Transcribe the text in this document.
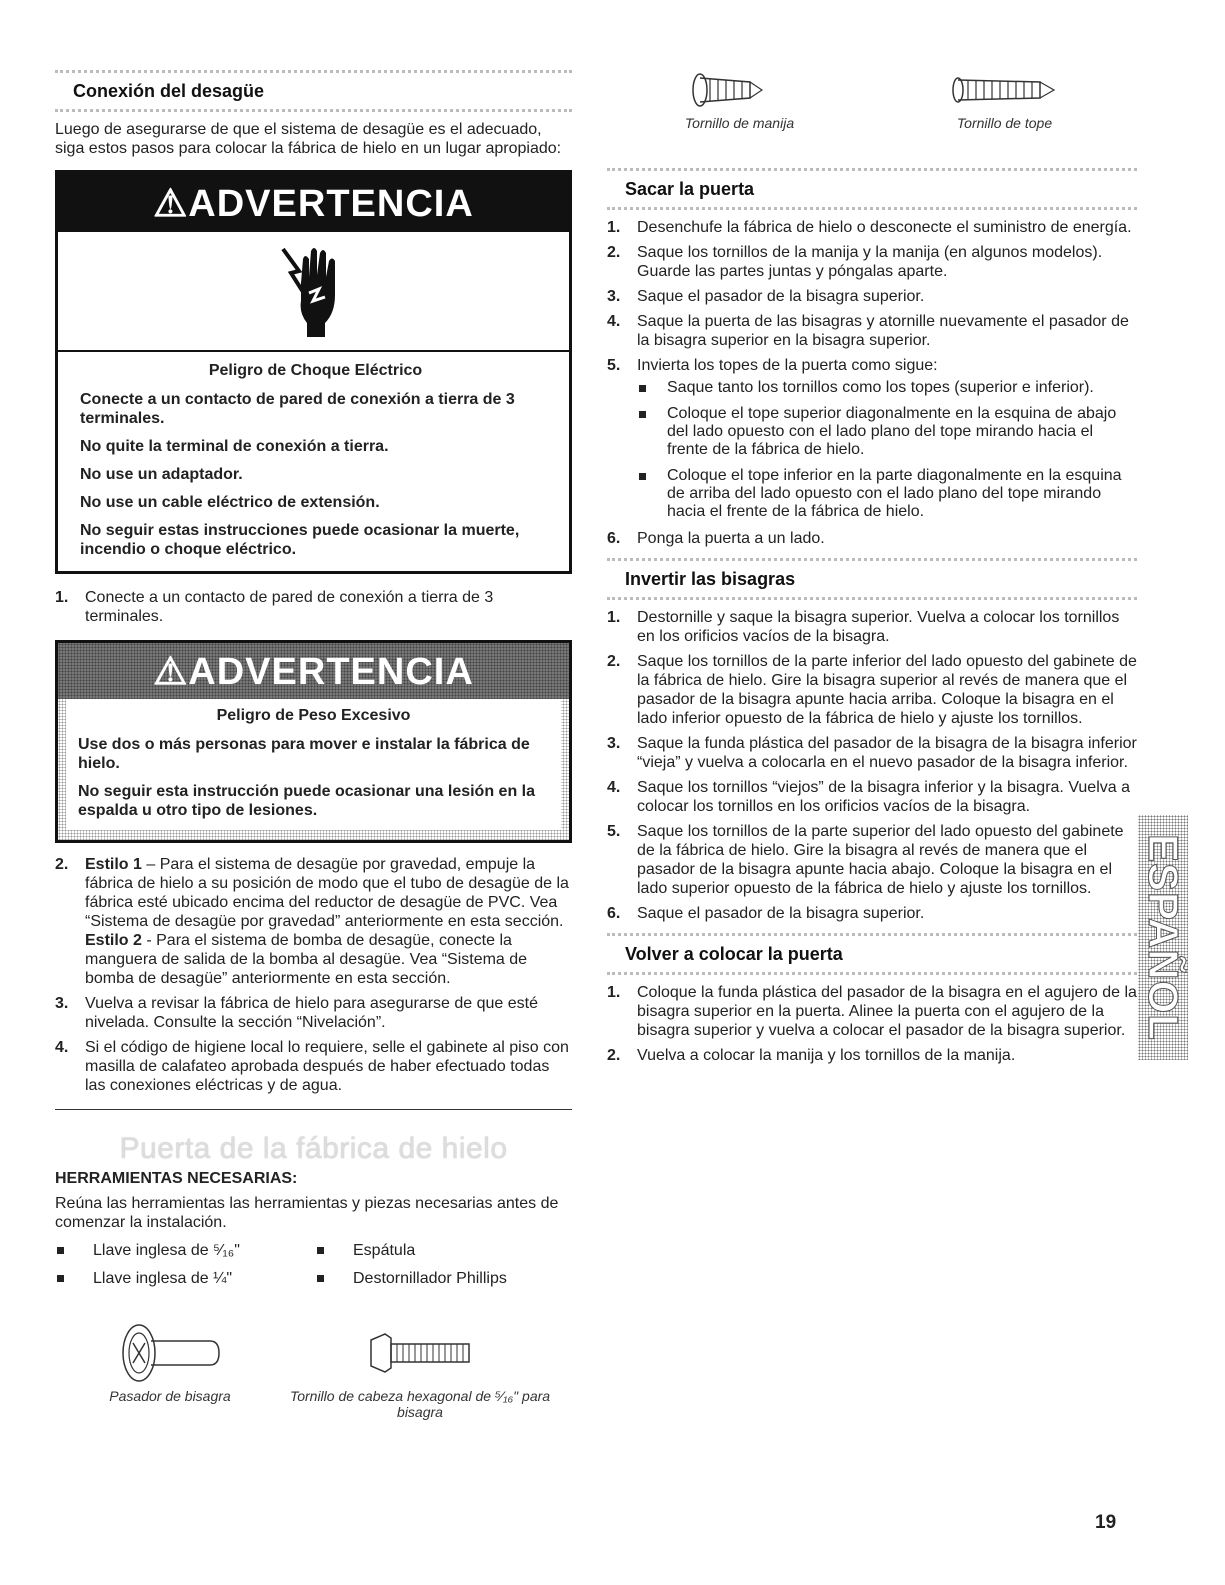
Conexión del desagüe

Luego de asegurarse de que el sistema de desagüe es el adecuado, siga estos pasos para colocar la fábrica de hielo en un lugar apropiado:

⚠ADVERTENCIA

Peligro de Choque Eléctrico

Conecte a un contacto de pared de conexión a tierra de 3 terminales.

No quite la terminal de conexión a tierra.

No use un adaptador.

No use un cable eléctrico de extensión.

No seguir estas instrucciones puede ocasionar la muerte, incendio o choque eléctrico.

1. Conecte a un contacto de pared de conexión a tierra de 3 terminales.
⚠ADVERTENCIA

Peligro de Peso Excesivo

Use dos o más personas para mover e instalar la fábrica de hielo.

No seguir esta instrucción puede ocasionar una lesión en la espalda u otro tipo de lesiones.

2. Estilo 1 – Para el sistema de desagüe por gravedad, empuje la fábrica de hielo a su posición de modo que el tubo de desagüe de la fábrica esté ubicado encima del reductor de desagüe de PVC. Vea “Sistema de desagüe por gravedad” anteriormente en esta sección. Estilo 2 - Para el sistema de bomba de desagüe, conecte la manguera de salida de la bomba al desagüe. Vea “Sistema de bomba de desagüe” anteriormente en esta sección.
3. Vuelva a revisar la fábrica de hielo para asegurarse de que esté nivelada. Consulte la sección “Nivelación”.
4. Si el código de higiene local lo requiere, selle el gabinete al piso con masilla de calafateo aprobada después de haber efectuado todas las conexiones eléctricas y de agua.
Puerta de la fábrica de hielo

HERRAMIENTAS NECESARIAS:

Reúna las herramientas las herramientas y piezas necesarias antes de comenzar la instalación.

Llave inglesa de ⁵⁄₁₆"	Espátula
Llave inglesa de ¼"	Destornillador Phillips
Pasador de bisagra	Tornillo de cabeza hexagonal de ⁵⁄₁₆" para bisagra
Tornillo de manija	Tornillo de tope
Sacar la puerta
1. Desenchufe la fábrica de hielo o desconecte el suministro de energía.
2. Saque los tornillos de la manija y la manija (en algunos modelos). Guarde las partes juntas y póngalas aparte.
3. Saque el pasador de la bisagra superior.
4. Saque la puerta de las bisagras y atornille nuevamente el pasador de la bisagra superior en la bisagra superior.
5. Invierta los topes de la puerta como sigue:
Saque tanto los tornillos como los topes (superior e inferior).
Coloque el tope superior diagonalmente en la esquina de abajo del lado opuesto con el lado plano del tope mirando hacia el frente de la fábrica de hielo.
Coloque el tope inferior en la parte diagonalmente en la esquina de arriba del lado opuesto con el lado plano del tope mirando hacia el frente de la fábrica de hielo.
6. Ponga la puerta a un lado.
Invertir las bisagras
1. Destornille y saque la bisagra superior. Vuelva a colocar los tornillos en los orificios vacíos de la bisagra.
2. Saque los tornillos de la parte inferior del lado opuesto del gabinete de la fábrica de hielo. Gire la bisagra superior al revés de manera que el pasador de la bisagra apunte hacia arriba. Coloque la bisagra en el lado inferior opuesto de la fábrica de hielo y ajuste los tornillos.
3. Saque la funda plástica del pasador de la bisagra de la bisagra inferior “vieja” y vuelva a colocarla en el nuevo pasador de la bisagra inferior.
4. Saque los tornillos “viejos” de la bisagra inferior y la bisagra. Vuelva a colocar los tornillos en los orificios vacíos de la bisagra.
5. Saque los tornillos de la parte superior del lado opuesto del gabinete de la fábrica de hielo. Gire la bisagra al revés de manera que el pasador de la bisagra apunte hacia abajo. Coloque la bisagra en el lado superior opuesto de la fábrica de hielo y ajuste los tornillos.
6. Saque el pasador de la bisagra superior.
Volver a colocar la puerta
1. Coloque la funda plástica del pasador de la bisagra en el agujero de la bisagra superior en la puerta. Alinee la puerta con el agujero de la bisagra superior y vuelva a colocar el pasador de la bisagra superior.
2. Vuelva a colocar la manija y los tornillos de la manija.
ESPAÑOL
19
